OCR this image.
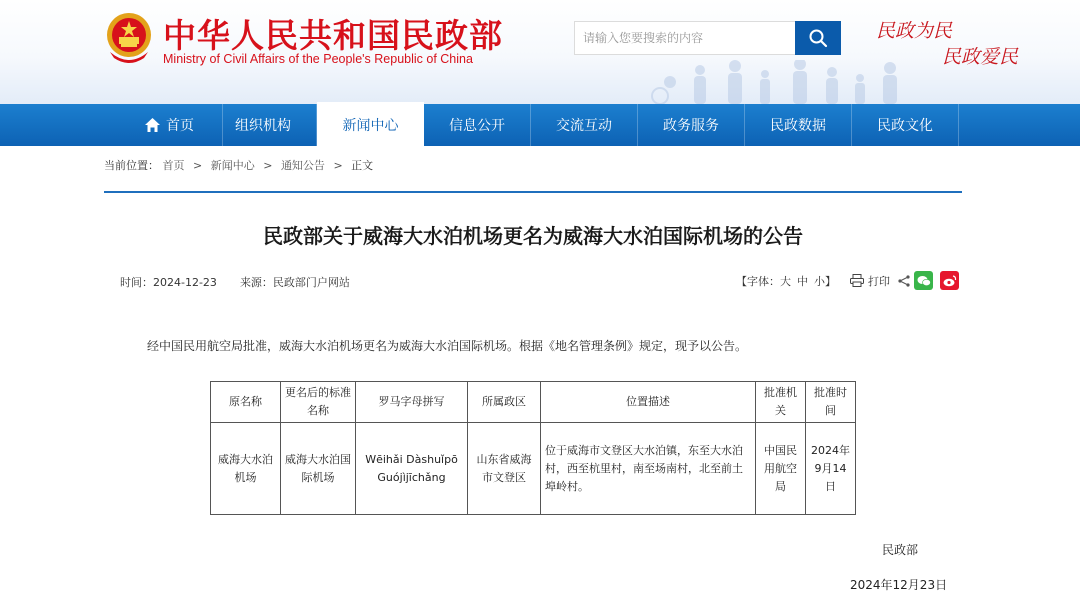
中华人民共和国民政部
Ministry of Civil Affairs of the People's Republic of China
请输入您要搜索的内容
民政为民
民政爱民
首页	组织机构	新闻中心	信息公开	交流互动	政务服务	民政数据	民政文化
当前位置： 首页 > 新闻中心 > 通知公告 > 正文
民政部关于威海大水泊机场更名为威海大水泊国际机场的公告
时间：2024-12-23 来源：民政部门户网站	【字体： 大 中 小 】	打印
经中国民用航空局批准，威海大水泊机场更名为威海大水泊国际机场。根据《地名管理条例》规定，现予以公告。
原名称	更名后的标准名称	罗马字母拼写	所属政区	位置描述	批准机关	批准时间
威海大水泊机场	威海大水泊国际机场	Wēihǎi Dàshuǐpō Guójìjīchǎng	山东省威海市文登区	位于威海市文登区大水泊镇，东至大水泊村，西至杭里村，南至场南村，北至前土埠岭村。	中国民用航空局	2024年9月14日
民政部
2024年12月23日
